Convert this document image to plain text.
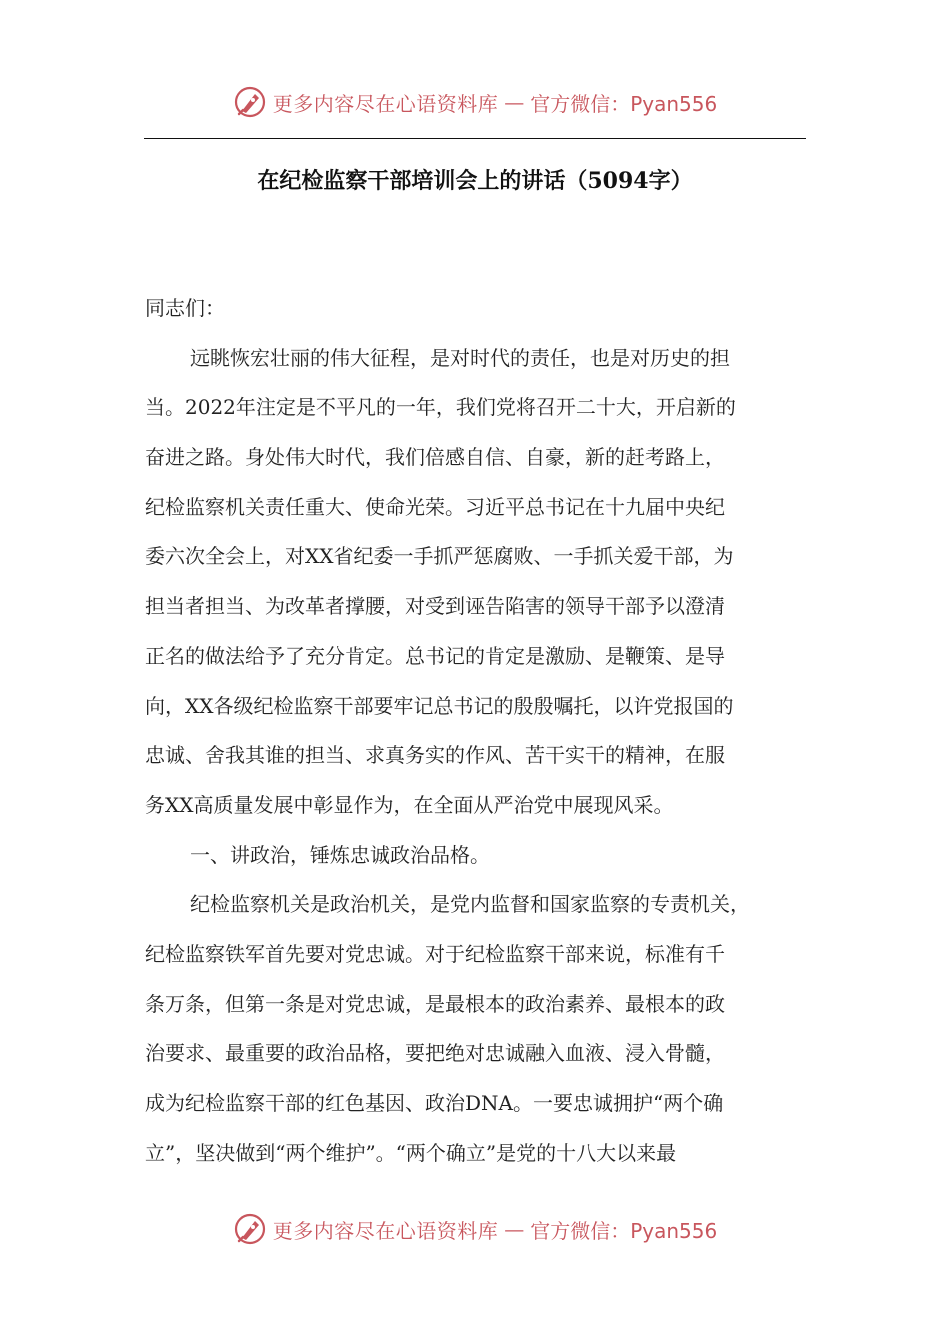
更多内容尽在心语资料库 — 官方微信：Pyan556
在纪检监察干部培训会上的讲话（5094字）
同志们：
远眺恢宏壮丽的伟大征程，是对时代的责任，也是对历史的担
当。2022年注定是不平凡的一年，我们党将召开二十大，开启新的
奋进之路。身处伟大时代，我们倍感自信、自豪，新的赶考路上，
纪检监察机关责任重大、使命光荣。习近平总书记在十九届中央纪
委六次全会上，对XX省纪委一手抓严惩腐败、一手抓关爱干部，为
担当者担当、为改革者撑腰，对受到诬告陷害的领导干部予以澄清
正名的做法给予了充分肯定。总书记的肯定是激励、是鞭策、是导
向，XX各级纪检监察干部要牢记总书记的殷殷嘱托，以许党报国的
忠诚、舍我其谁的担当、求真务实的作风、苦干实干的精神，在服
务XX高质量发展中彰显作为，在全面从严治党中展现风采。
一、讲政治，锤炼忠诚政治品格。
纪检监察机关是政治机关，是党内监督和国家监察的专责机关，
纪检监察铁军首先要对党忠诚。对于纪检监察干部来说，标准有千
条万条，但第一条是对党忠诚，是最根本的政治素养、最根本的政
治要求、最重要的政治品格，要把绝对忠诚融入血液、浸入骨髓，
成为纪检监察干部的红色基因、政治DNA。一要忠诚拥护“两个确
立”，坚决做到“两个维护”。“两个确立”是党的十八大以来最
更多内容尽在心语资料库 — 官方微信：Pyan556
